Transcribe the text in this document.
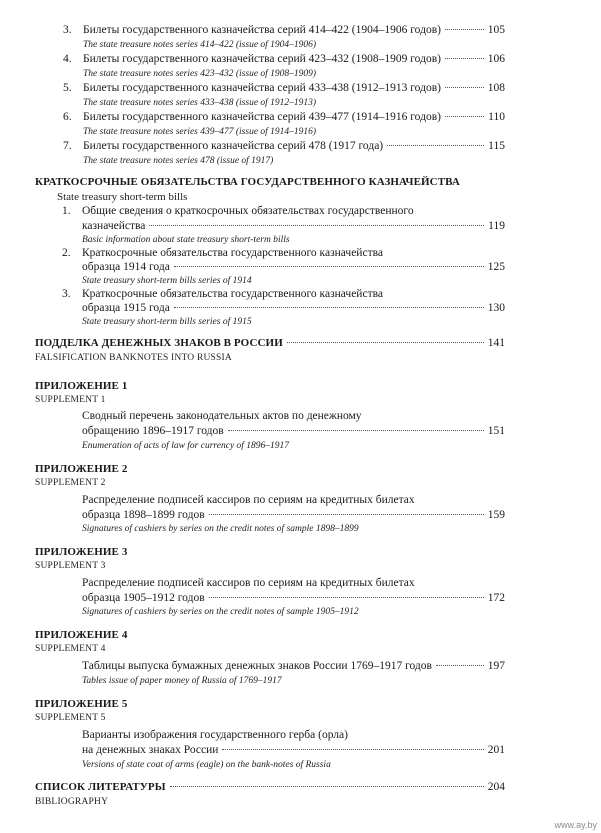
3. Билеты государственного казначейства серий 414–422 (1904–1906 годов)	105
The state treasure notes series 414–422 (issue of 1904–1906)
4. Билеты государственного казначейства серий 423–432 (1908–1909 годов)	106
The state treasure notes series 423–432 (issue of 1908–1909)
5. Билеты государственного казначейства серий 433–438 (1912–1913 годов)	108
The state treasure notes series 433–438 (issue of 1912–1913)
6. Билеты государственного казначейства серий 439–477 (1914–1916 годов)	110
The state treasure notes series 439–477 (issue of 1914–1916)
7. Билеты государственного казначейства серий 478 (1917 года)	115
The state treasure notes series 478 (issue of 1917)
КРАТКОСРОЧНЫЕ ОБЯЗАТЕЛЬСТВА ГОСУДАРСТВЕННОГО КАЗНАЧЕЙСТВА
State treasury short-term bills
1. Общие сведения о краткосрочных обязательствах государственного
казначейства	119
Basic information about state treasury short-term bills
2. Краткосрочные обязательства государственного казначейства
образца 1914 года	125
State treasury short-term bills series of 1914
3. Краткосрочные обязательства государственного казначейства
образца 1915 года	130
State treasury short-term bills series of 1915
ПОДДЕЛКА ДЕНЕЖНЫХ ЗНАКОВ В РОССИИ	141
FALSIFICATION BANKNOTES INTO RUSSIA
ПРИЛОЖЕНИЕ 1
SUPPLEMENT 1
Сводный перечень законодательных актов по денежному
обращению 1896–1917 годов	151
Enumeration of acts of law for currency of 1896–1917
ПРИЛОЖЕНИЕ 2
SUPPLEMENT 2
Распределение подписей кассиров по сериям на кредитных билетах
образца 1898–1899 годов	159
Signatures of cashiers by series on the credit notes of sample 1898–1899
ПРИЛОЖЕНИЕ 3
SUPPLEMENT 3
Распределение подписей кассиров по сериям на кредитных билетах
образца 1905–1912 годов	172
Signatures of cashiers by series on the credit notes of sample 1905–1912
ПРИЛОЖЕНИЕ 4
SUPPLEMENT 4
Таблицы выпуска бумажных денежных знаков России 1769–1917 годов	197
Tables issue of paper money of Russia of 1769–1917
ПРИЛОЖЕНИЕ 5
SUPPLEMENT 5
Варианты изображения государственного герба (орла)
на денежных знаках России	201
Versions of state coat of arms (eagle) on the bank-notes of Russia
СПИСОК ЛИТЕРАТУРЫ	204
BIBLIOGRAPHY
www.ay.by
